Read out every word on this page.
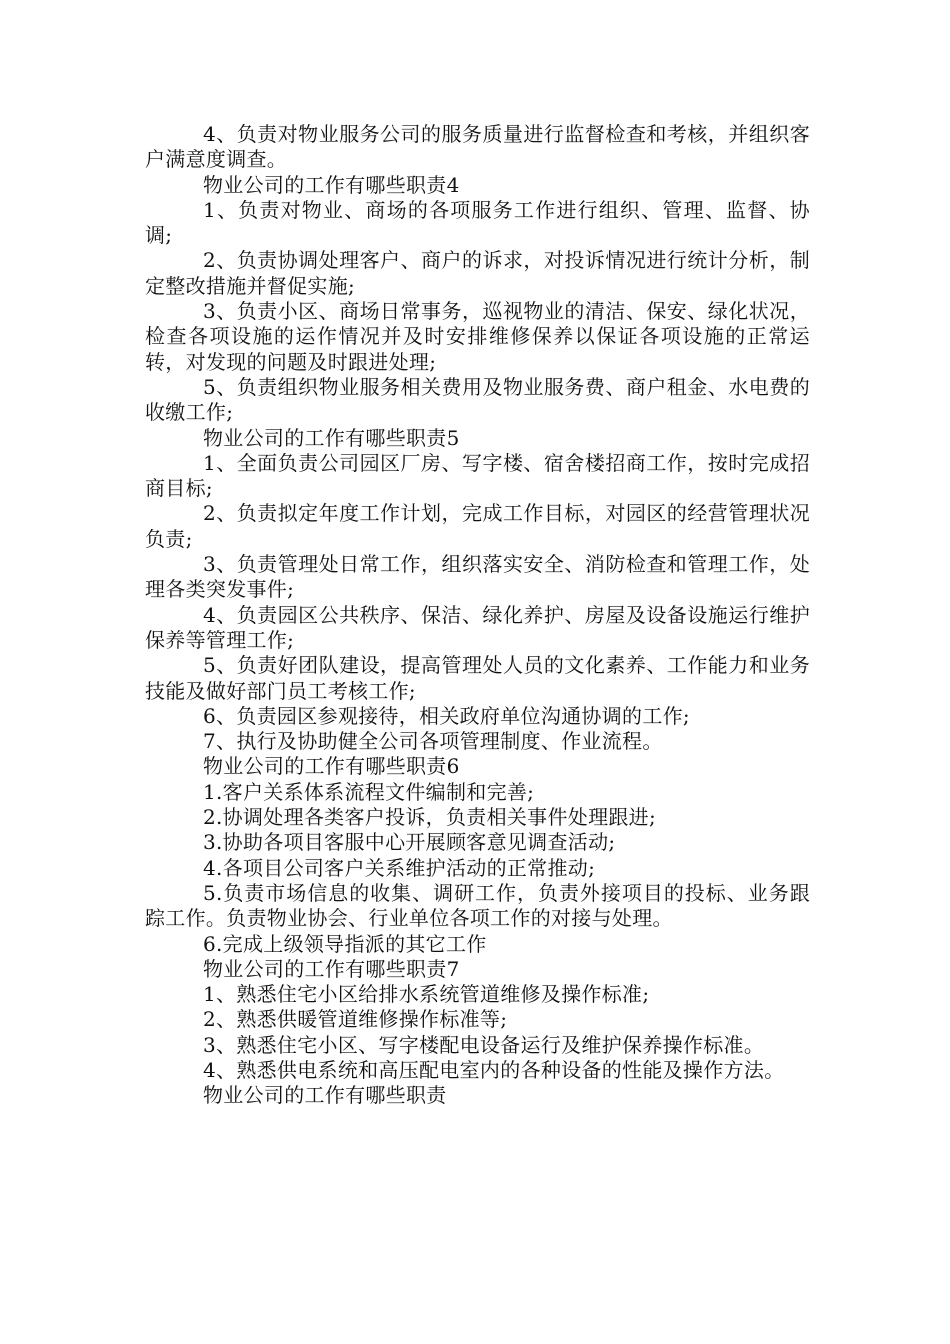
4、负责对物业服务公司的服务质量进行监督检查和考核，并组织客户满意度调查。

物业公司的工作有哪些职责4

1、负责对物业、商场的各项服务工作进行组织、管理、监督、协调;

2、负责协调处理客户、商户的诉求，对投诉情况进行统计分析，制定整改措施并督促实施;

3、负责小区、商场日常事务，巡视物业的清洁、保安、绿化状况，检查各项设施的运作情况并及时安排维修保养以保证各项设施的正常运转，对发现的问题及时跟进处理;

5、负责组织物业服务相关费用及物业服务费、商户租金、水电费的收缴工作;

物业公司的工作有哪些职责5

1、全面负责公司园区厂房、写字楼、宿舍楼招商工作，按时完成招商目标;

2、负责拟定年度工作计划，完成工作目标，对园区的经营管理状况负责;

3、负责管理处日常工作，组织落实安全、消防检查和管理工作，处理各类突发事件;

4、负责园区公共秩序、保洁、绿化养护、房屋及设备设施运行维护保养等管理工作;

5、负责好团队建设，提高管理处人员的文化素养、工作能力和业务技能及做好部门员工考核工作;

6、负责园区参观接待，相关政府单位沟通协调的工作;

7、执行及协助健全公司各项管理制度、作业流程。

物业公司的工作有哪些职责6

1.客户关系体系流程文件编制和完善;

2.协调处理各类客户投诉，负责相关事件处理跟进;

3.协助各项目客服中心开展顾客意见调查活动;

4.各项目公司客户关系维护活动的正常推动;

5.负责市场信息的收集、调研工作，负责外接项目的投标、业务跟踪工作。负责物业协会、行业单位各项工作的对接与处理。

6.完成上级领导指派的其它工作

物业公司的工作有哪些职责7

1、熟悉住宅小区给排水系统管道维修及操作标准;

2、熟悉供暖管道维修操作标准等;

3、熟悉住宅小区、写字楼配电设备运行及维护保养操作标准。

4、熟悉供电系统和高压配电室内的各种设备的性能及操作方法。

物业公司的工作有哪些职责
